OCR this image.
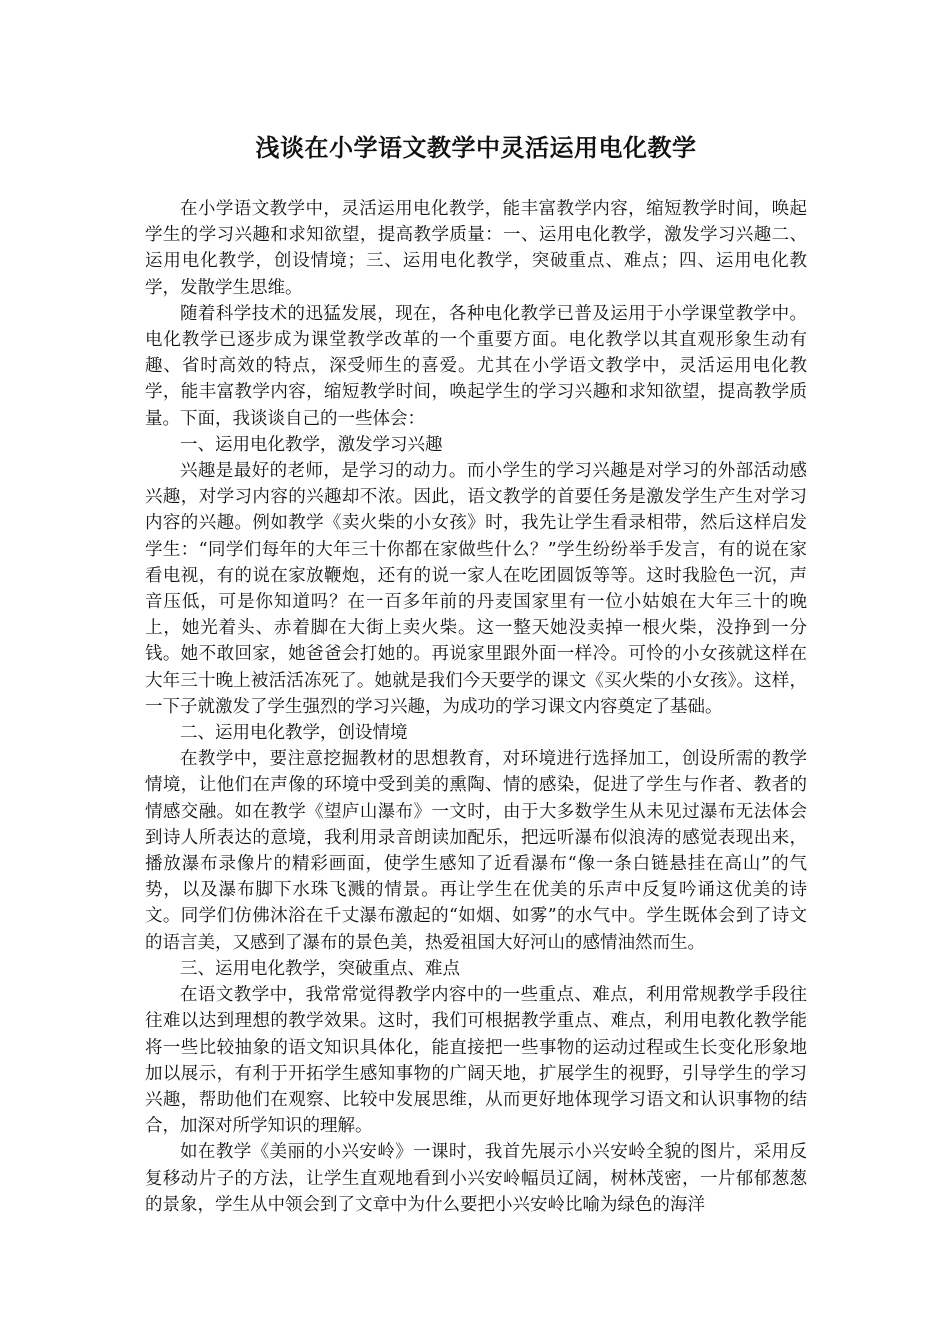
浅谈在小学语文教学中灵活运用电化教学

在小学语文教学中，灵活运用电化教学，能丰富教学内容，缩短教学时间，唤起学生的学习兴趣和求知欲望，提高教学质量：一、运用电化教学，激发学习兴趣二、运用电化教学，创设情境；三、运用电化教学，突破重点、难点；四、运用电化教学，发散学生思维。

随着科学技术的迅猛发展，现在，各种电化教学已普及运用于小学课堂教学中。电化教学已逐步成为课堂教学改革的一个重要方面。电化教学以其直观形象生动有趣、省时高效的特点，深受师生的喜爱。尤其在小学语文教学中，灵活运用电化教学，能丰富教学内容，缩短教学时间，唤起学生的学习兴趣和求知欲望，提高教学质量。下面，我谈谈自己的一些体会：

一、运用电化教学，激发学习兴趣

兴趣是最好的老师，是学习的动力。而小学生的学习兴趣是对学习的外部活动感兴趣，对学习内容的兴趣却不浓。因此，语文教学的首要任务是激发学生产生对学习内容的兴趣。例如教学《卖火柴的小女孩》时，我先让学生看录相带，然后这样启发学生：“同学们每年的大年三十你都在家做些什么？”学生纷纷举手发言，有的说在家看电视，有的说在家放鞭炮，还有的说一家人在吃团圆饭等等。这时我脸色一沉，声音压低，可是你知道吗？在一百多年前的丹麦国家里有一位小姑娘在大年三十的晚上，她光着头、赤着脚在大街上卖火柴。这一整天她没卖掉一根火柴，没挣到一分钱。她不敢回家，她爸爸会打她的。再说家里跟外面一样冷。可怜的小女孩就这样在大年三十晚上被活活冻死了。她就是我们今天要学的课文《买火柴的小女孩》。这样，一下子就激发了学生强烈的学习兴趣，为成功的学习课文内容奠定了基础。

二、运用电化教学，创设情境

在教学中，要注意挖掘教材的思想教育，对环境进行选择加工，创设所需的教学情境，让他们在声像的环境中受到美的熏陶、情的感染，促进了学生与作者、教者的情感交融。如在教学《望庐山瀑布》一文时，由于大多数学生从未见过瀑布无法体会到诗人所表达的意境，我利用录音朗读加配乐，把远听瀑布似浪涛的感觉表现出来，播放瀑布录像片的精彩画面，使学生感知了近看瀑布“像一条白链悬挂在高山”的气势，以及瀑布脚下水珠飞溅的情景。再让学生在优美的乐声中反复吟诵这优美的诗文。同学们仿佛沐浴在千丈瀑布激起的“如烟、如雾”的水气中。学生既体会到了诗文的语言美，又感到了瀑布的景色美，热爱祖国大好河山的感情油然而生。

三、运用电化教学，突破重点、难点

在语文教学中，我常常觉得教学内容中的一些重点、难点，利用常规教学手段往往难以达到理想的教学效果。这时，我们可根据教学重点、难点，利用电教化教学能将一些比较抽象的语文知识具体化，能直接把一些事物的运动过程或生长变化形象地加以展示，有利于开拓学生感知事物的广阔天地，扩展学生的视野，引导学生的学习兴趣，帮助他们在观察、比较中发展思维，从而更好地体现学习语文和认识事物的结合，加深对所学知识的理解。

如在教学《美丽的小兴安岭》一课时，我首先展示小兴安岭全貌的图片，采用反复移动片子的方法，让学生直观地看到小兴安岭幅员辽阔，树林茂密，一片郁郁葱葱的景象，学生从中领会到了文章中为什么要把小兴安岭比喻为绿色的海洋
